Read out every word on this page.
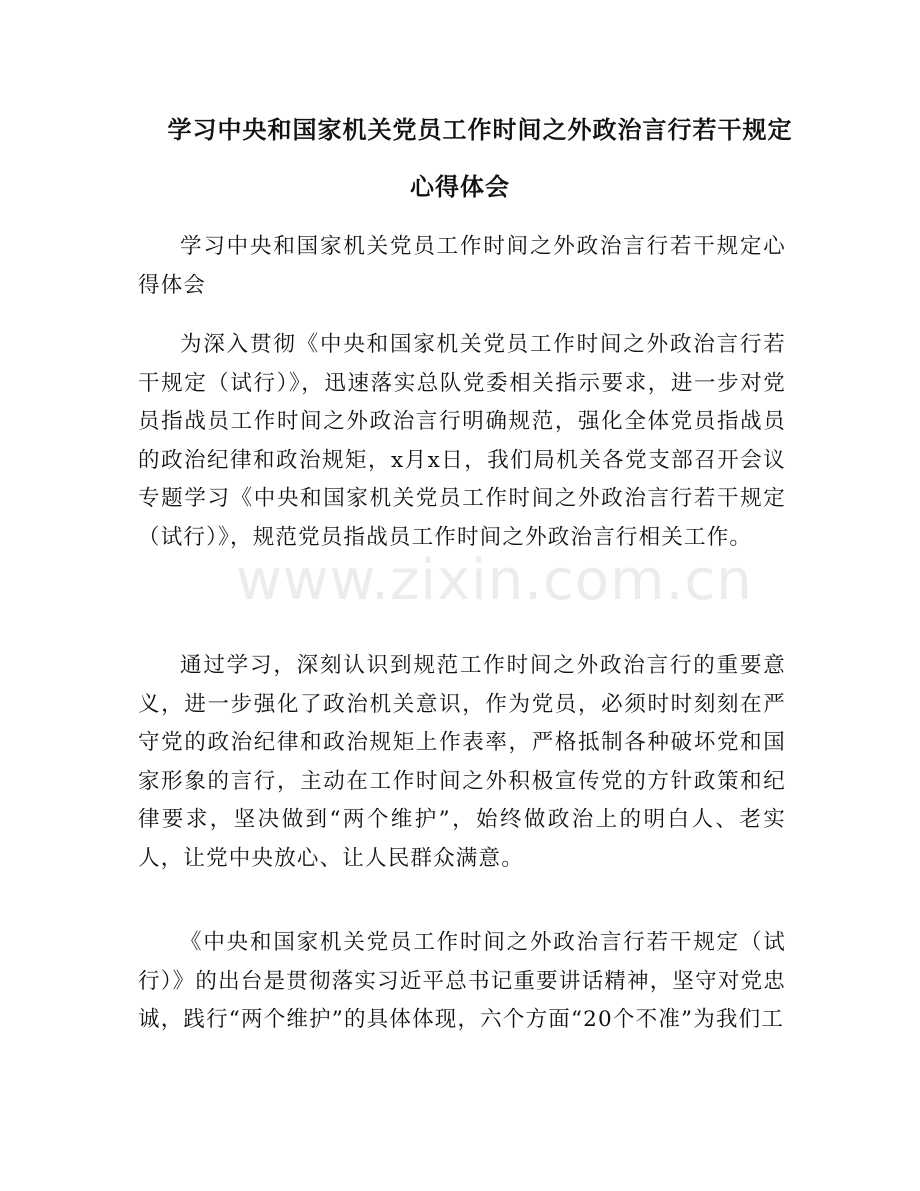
学习中央和国家机关党员工作时间之外政治言行若干规定
心得体会

学习中央和国家机关党员工作时间之外政治言行若干规定心得体会

为深入贯彻《中央和国家机关党员工作时间之外政治言行若干规定（试行）》，迅速落实总队党委相关指示要求，进一步对党员指战员工作时间之外政治言行明确规范，强化全体党员指战员的政治纪律和政治规矩，x月x日，我们局机关各党支部召开会议专题学习《中央和国家机关党员工作时间之外政治言行若干规定（试行）》，规范党员指战员工作时间之外政治言行相关工作。

通过学习，深刻认识到规范工作时间之外政治言行的重要意义，进一步强化了政治机关意识，作为党员，必须时时刻刻在严守党的政治纪律和政治规矩上作表率，严格抵制各种破坏党和国家形象的言行，主动在工作时间之外积极宣传党的方针政策和纪律要求，坚决做到“两个维护”，始终做政治上的明白人、老实人，让党中央放心、让人民群众满意。

《中央和国家机关党员工作时间之外政治言行若干规定（试行）》的出台是贯彻落实习近平总书记重要讲话精神，坚守对党忠诚，践行“两个维护”的具体体现，六个方面“20个不准”为我们工

www.zixin.com.cn
